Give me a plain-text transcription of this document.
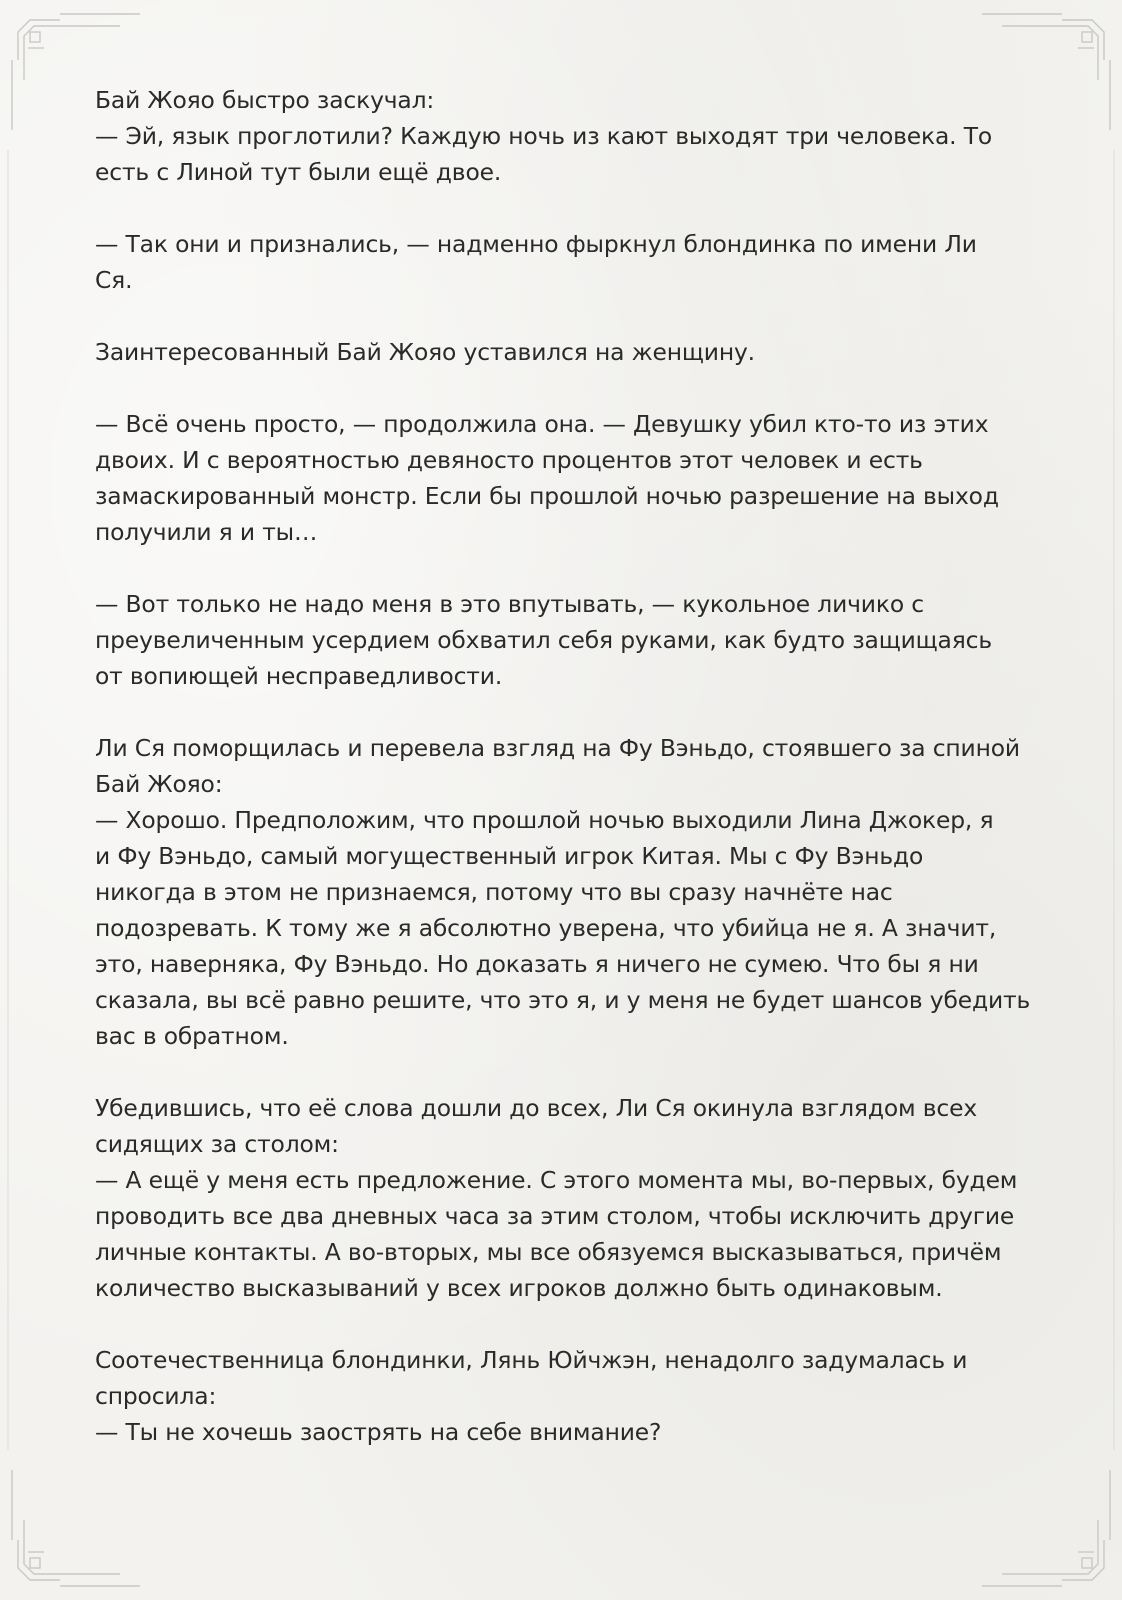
Бай Жояо быстро заскучал:
— Эй, язык проглотили? Каждую ночь из кают выходят три человека. То
есть с Линой тут были ещё двое.

— Так они и признались, — надменно фыркнул блондинка по имени Ли
Ся.

Заинтересованный Бай Жояо уставился на женщину.

— Всё очень просто, — продолжила она. — Девушку убил кто-то из этих
двоих. И с вероятностью девяносто процентов этот человек и есть
замаскированный монстр. Если бы прошлой ночью разрешение на выход
получили я и ты…

— Вот только не надо меня в это впутывать, — кукольное личико с
преувеличенным усердием обхватил себя руками, как будто защищаясь
от вопиющей несправедливости.

Ли Ся поморщилась и перевела взгляд на Фу Вэньдо, стоявшего за спиной
Бай Жояо:
— Хорошо. Предположим, что прошлой ночью выходили Лина Джокер, я
и Фу Вэньдо, самый могущественный игрок Китая. Мы с Фу Вэньдо
никогда в этом не признаемся, потому что вы сразу начнёте нас
подозревать. К тому же я абсолютно уверена, что убийца не я. А значит,
это, наверняка, Фу Вэньдо. Но доказать я ничего не сумею. Что бы я ни
сказала, вы всё равно решите, что это я, и у меня не будет шансов убедить
вас в обратном.

Убедившись, что её слова дошли до всех, Ли Ся окинула взглядом всех
сидящих за столом:
— А ещё у меня есть предложение. С этого момента мы, во-первых, будем
проводить все два дневных часа за этим столом, чтобы исключить другие
личные контакты. А во-вторых, мы все обязуемся высказываться, причём
количество высказываний у всех игроков должно быть одинаковым.

Соотечественница блондинки, Лянь Юйчжэн, ненадолго задумалась и
спросила:
— Ты не хочешь заострять на себе внимание?
